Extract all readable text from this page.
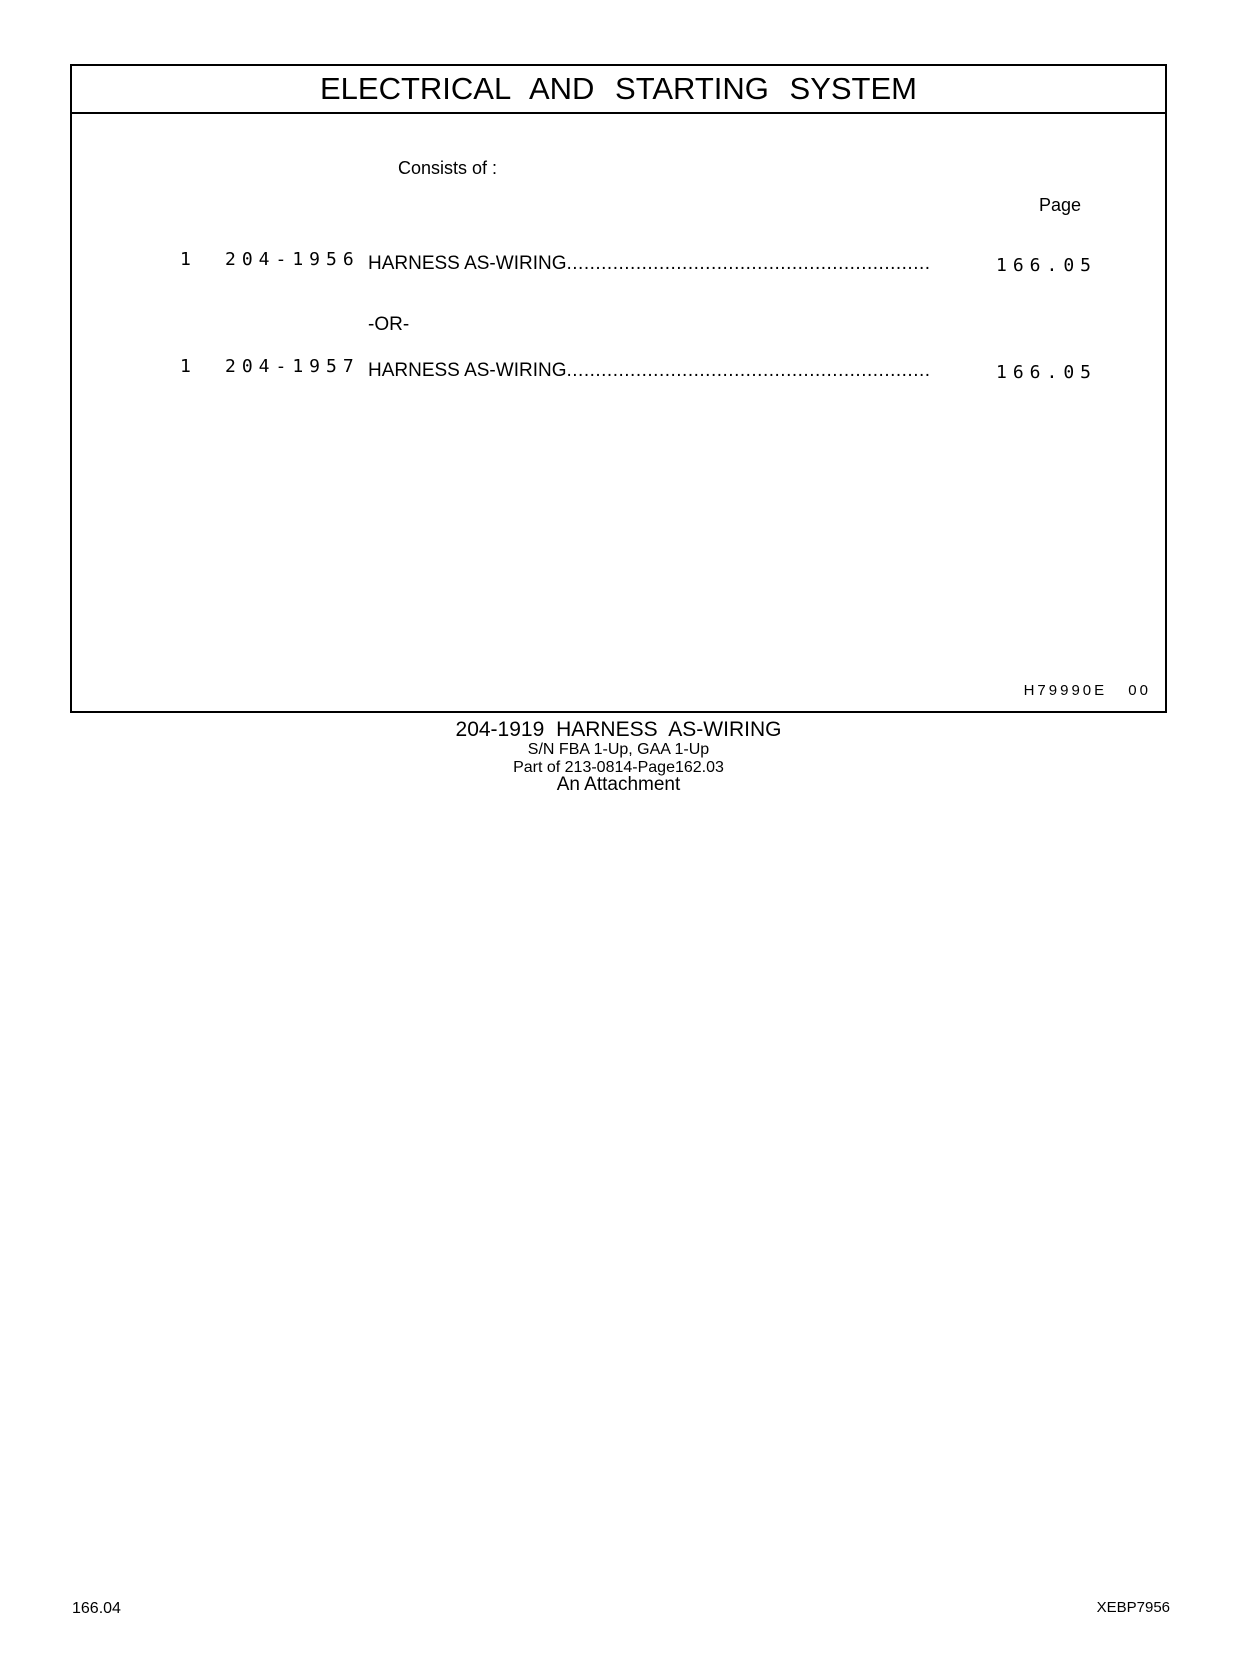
ELECTRICAL AND STARTING SYSTEM
Consists of :
Page
1 204-1956 HARNESS AS-WIRING...............................................................	166.05
-OR-
1 204-1957 HARNESS AS-WIRING...............................................................	166.05
H79990E 00
204-1919 HARNESS AS-WIRING
S/N FBA 1-Up, GAA 1-Up
Part of 213-0814-Page162.03
An Attachment
166.04	XEBP7956
